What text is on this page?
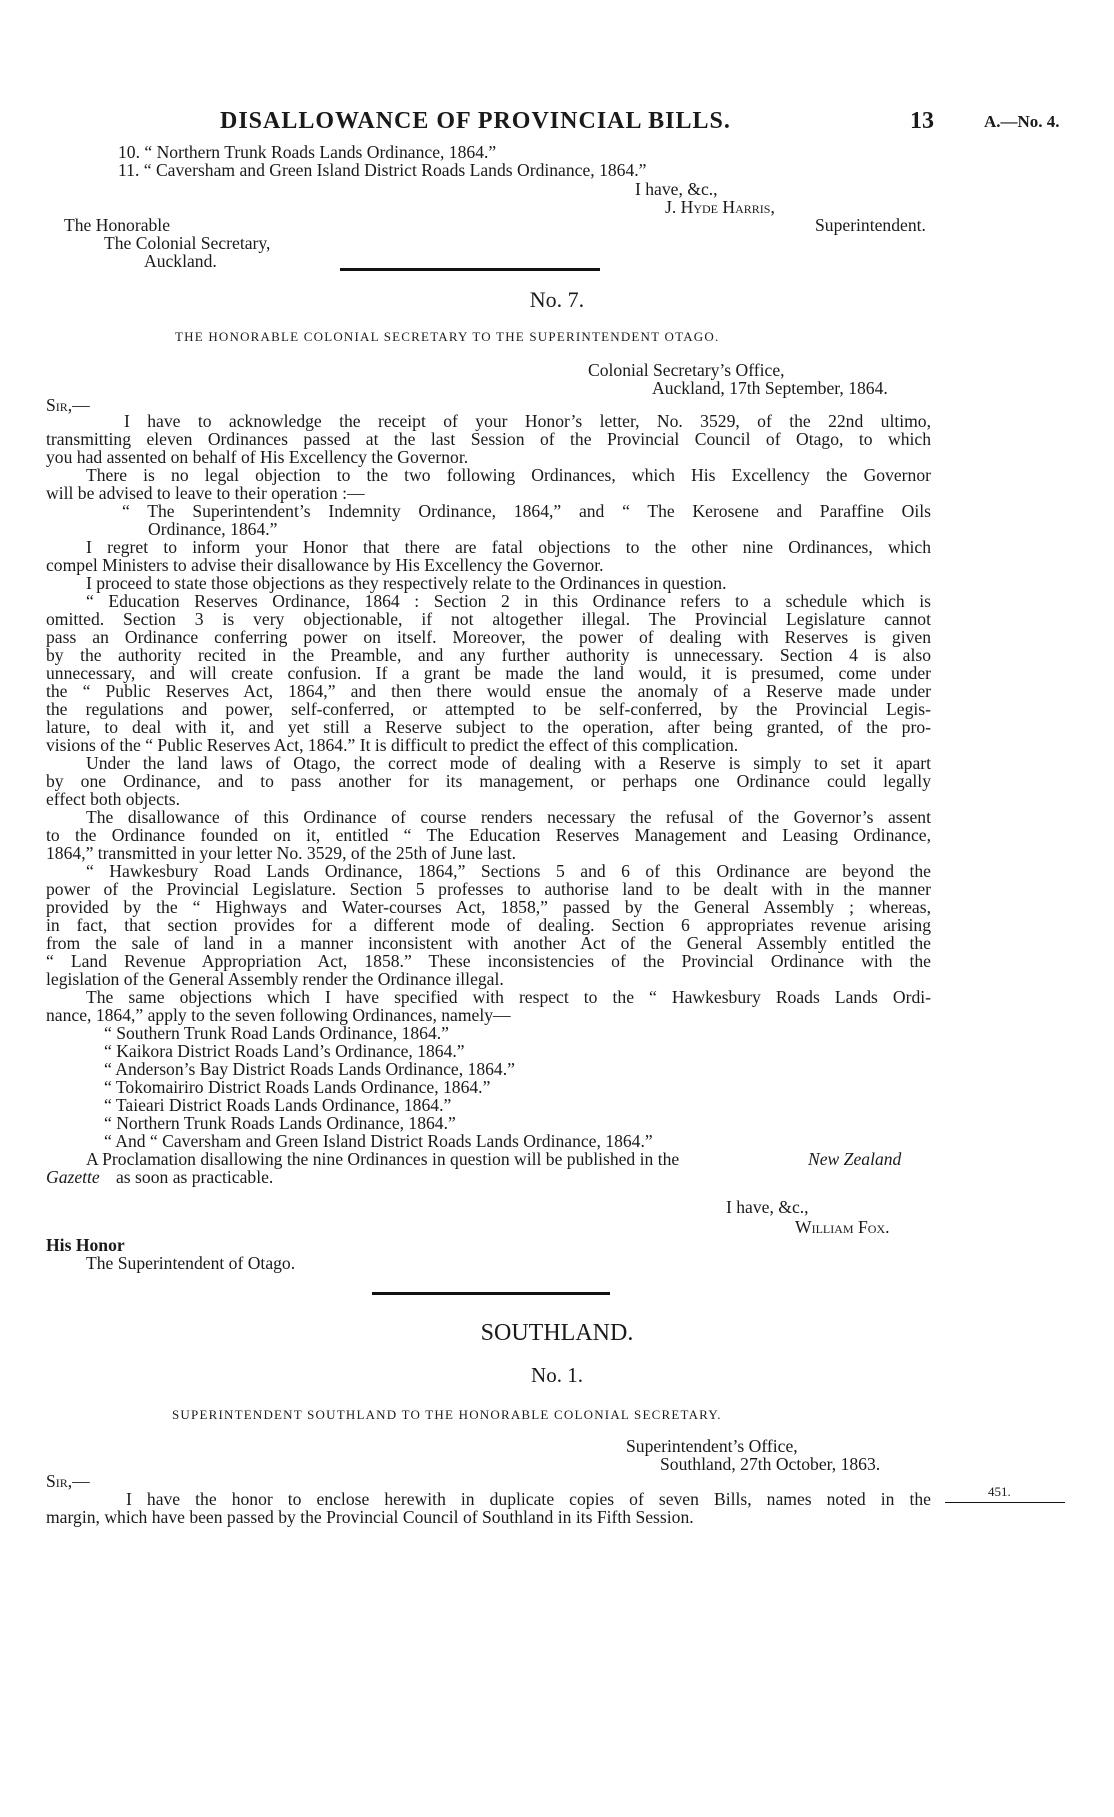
DISALLOWANCE OF PROVINCIAL BILLS.	13	A.—No. 4.
10. “ Northern Trunk Roads Lands Ordinance, 1864.”
11. “ Caversham and Green Island District Roads Lands Ordinance, 1864.”
I have, &c.,
J. Hyde Harris,
Superintendent.
The Honorable
The Colonial Secretary,
Auckland.
No. 7.
THE HONORABLE COLONIAL SECRETARY TO THE SUPERINTENDENT OTAGO.
Colonial Secretary’s Office,
Auckland, 17th September, 1864.
Sir,—
I have to acknowledge the receipt of your Honor’s letter, No. 3529, of the 22nd ultimo,
transmitting eleven Ordinances passed at the last Session of the Provincial Council of Otago, to which
you had assented on behalf of His Excellency the Governor.
There is no legal objection to the two following Ordinances, which His Excellency the Governor
will be advised to leave to their operation :—
“ The Superintendent’s Indemnity Ordinance, 1864,” and “ The Kerosene and Paraffine Oils
Ordinance, 1864.”
I regret to inform your Honor that there are fatal objections to the other nine Ordinances, which
compel Ministers to advise their disallowance by His Excellency the Governor.
I proceed to state those objections as they respectively relate to the Ordinances in question.
“ Education Reserves Ordinance, 1864 : Section 2 in this Ordinance refers to a schedule which is
omitted. Section 3 is very objectionable, if not altogether illegal. The Provincial Legislature cannot
pass an Ordinance conferring power on itself. Moreover, the power of dealing with Reserves is given
by the authority recited in the Preamble, and any further authority is unnecessary. Section 4 is also
unnecessary, and will create confusion. If a grant be made the land would, it is presumed, come under
the “ Public Reserves Act, 1864,” and then there would ensue the anomaly of a Reserve made under
the regulations and power, self-conferred, or attempted to be self-conferred, by the Provincial Legis-
lature, to deal with it, and yet still a Reserve subject to the operation, after being granted, of the pro-
visions of the “ Public Reserves Act, 1864.” It is difficult to predict the effect of this complication.
Under the land laws of Otago, the correct mode of dealing with a Reserve is simply to set it apart
by one Ordinance, and to pass another for its management, or perhaps one Ordinance could legally
effect both objects.
The disallowance of this Ordinance of course renders necessary the refusal of the Governor’s assent
to the Ordinance founded on it, entitled “ The Education Reserves Management and Leasing Ordinance,
1864,” transmitted in your letter No. 3529, of the 25th of June last.
“ Hawkesbury Road Lands Ordinance, 1864,” Sections 5 and 6 of this Ordinance are beyond the
power of the Provincial Legislature. Section 5 professes to authorise land to be dealt with in the manner
provided by the “ Highways and Water-courses Act, 1858,” passed by the General Assembly ; whereas,
in fact, that section provides for a different mode of dealing. Section 6 appropriates revenue arising
from the sale of land in a manner inconsistent with another Act of the General Assembly entitled the
“ Land Revenue Appropriation Act, 1858.” These inconsistencies of the Provincial Ordinance with the
legislation of the General Assembly render the Ordinance illegal.
The same objections which I have specified with respect to the “ Hawkesbury Roads Lands Ordi-
nance, 1864,” apply to the seven following Ordinances, namely—
“ Southern Trunk Road Lands Ordinance, 1864.”
“ Kaikora District Roads Land’s Ordinance, 1864.”
“ Anderson’s Bay District Roads Lands Ordinance, 1864.”
“ Tokomairiro District Roads Lands Ordinance, 1864.”
“ Taieari District Roads Lands Ordinance, 1864.”
“ Northern Trunk Roads Lands Ordinance, 1864.”
“ And “ Caversham and Green Island District Roads Lands Ordinance, 1864.”
A Proclamation disallowing the nine Ordinances in question will be published in the	New Zealand
Gazette as soon as practicable.
I have, &c.,
William Fox.
His Honor
The Superintendent of Otago.
SOUTHLAND.
No. 1.
SUPERINTENDENT SOUTHLAND TO THE HONORABLE COLONIAL SECRETARY.
Superintendent’s Office,
Southland, 27th October, 1863.
Sir,—
I have the honor to enclose herewith in duplicate copies of seven Bills, names noted in the
margin, which have been passed by the Provincial Council of Southland in its Fifth Session.
451.
